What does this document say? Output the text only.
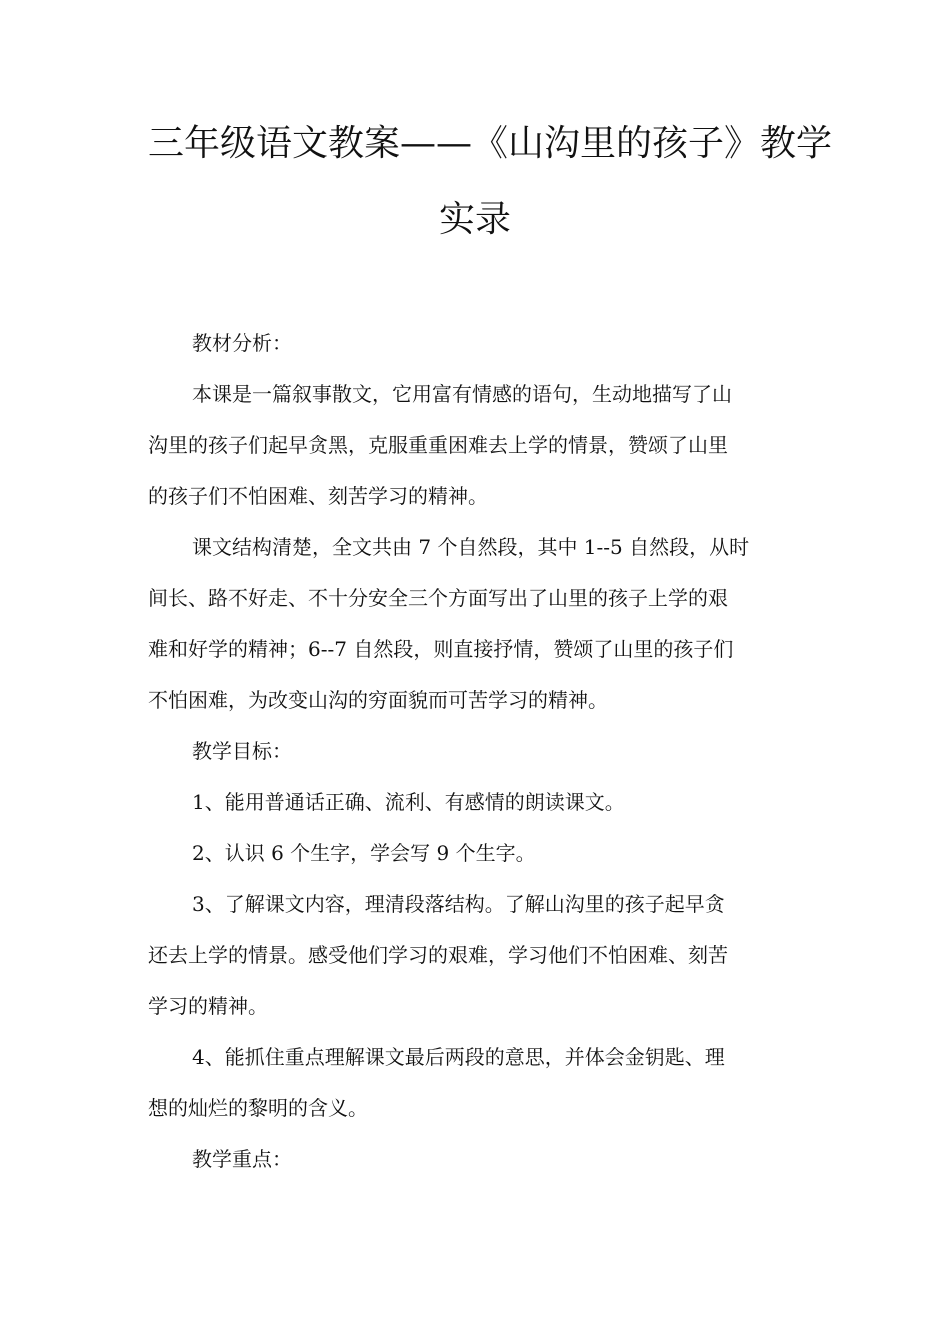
三年级语文教案——《山沟里的孩子》教学
实录
教材分析：
本课是一篇叙事散文，它用富有情感的语句，生动地描写了山
沟里的孩子们起早贪黑，克服重重困难去上学的情景，赞颂了山里
的孩子们不怕困难、刻苦学习的精神。
课文结构清楚，全文共由 7 个自然段，其中 1--5 自然段，从时
间长、路不好走、不十分安全三个方面写出了山里的孩子上学的艰
难和好学的精神；6--7 自然段，则直接抒情，赞颂了山里的孩子们
不怕困难，为改变山沟的穷面貌而可苦学习的精神。
教学目标：
1、能用普通话正确、流利、有感情的朗读课文。
2、认识 6 个生字，学会写 9 个生字。
3、了解课文内容，理清段落结构。了解山沟里的孩子起早贪
还去上学的情景。感受他们学习的艰难，学习他们不怕困难、刻苦
学习的精神。
4、能抓住重点理解课文最后两段的意思，并体会金钥匙、理
想的灿烂的黎明的含义。
教学重点：
